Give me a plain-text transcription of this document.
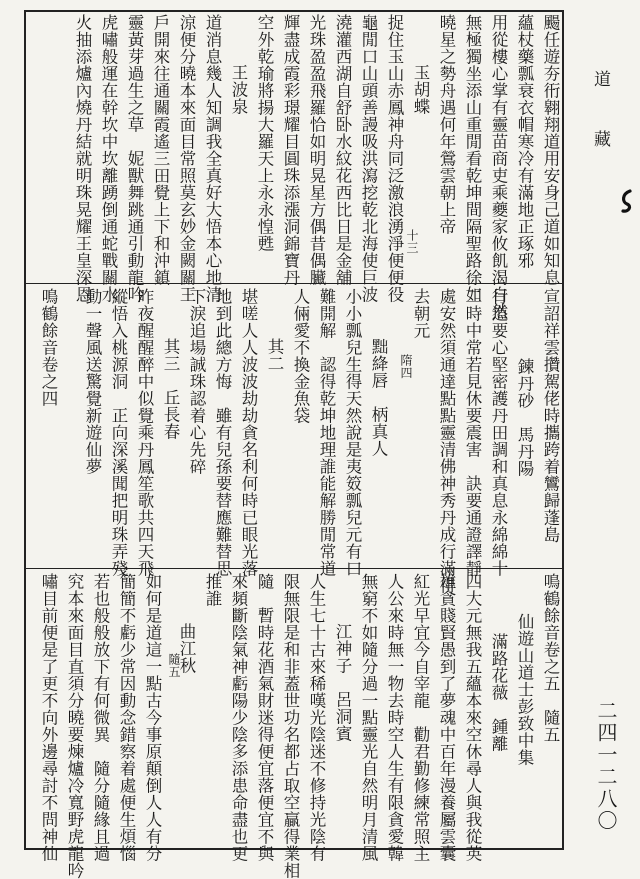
颺任遊夯衎翱翔道用安身己道如知息
蘊杖藥瓢衰衣帽寒冷有滿地正琢邪
用從樓心掌有靈苗商吏乘夔家攸飢渴自然
無極獨坐添山重閒看乾坤間隔聖路徐如
曉星之勢舟遇何年鶯雲朝上帝
玉胡蝶
十三
捉住玉山赤鳳神舟同泛激浪湧淨便便役
龜閒口山頭善謾吸洪瀉挖乾北海使巨波
澆灌西湖自舒卧水紋花西比日是金舖
光珠盈盈飛羅恰如明晃星方偶昔偶臟
輝盡成霞彩璟耀目圓珠添漲洞錦寶丹
空外乾瑜將揚大羅天上永永惶甦
王波泉
道消息幾人知調我全真好大悟本心地清
涼便分曉本來面目常照莫玄妙金闕關王
戶開來往通關霞遙三田覺上下和沖鎮
靈黃芽過生之草　妮獸舞跳通引動龍吟
虎嘯般運在幹坎中坎離踴倒通蛇戰關水
火抽添爐內燒丹結就明珠晃耀王皇深恩
宣詔祥雲攢駕佬時攜跨着鸞歸蓬島
鍊丹砂　馬丹陽
行道要心堅密護丹田調和真息永綿綿十
二時中常若見休要震害　訣要通證譯靜
處安然須通達點點靈清佛神秀丹成行滿得
去朝元
隋四
黜絳唇　柄真人
小小瓢兒生得天然說是夷笯瓢兒元有口
難開解　認得乾坤地理誰能解勝閒常道
人倆愛不換金魚袋
其二
堪嗟人人波波劫劫貪名利何時已眼光落
地到此總方悔　雖有兒孫要替應難替思
下淚追場誠珠認着心先碎
其三　丘長春
昨夜醒醒醉中似覺乘丹鳳笙歌共四天飛
縱悟入桃源洞　正向深溪聞把明珠弄殘
動一聲風送驚覺新遊仙夢
鳴鶴餘音卷之四
鳴鶴餘音卷之五　隨五
仙遊山道士彭致中集
滿路花薇　鍾離
四大元無我五蘊本來空休尋人與我從英
雄貪賤賢愚到了夢魂中百年漫養屬雲囊
紅光早宜今自宰龍　勸君勤修練常照主
人公來時無一物去時空人生有限貪愛韓
無窮不如隨分過一點靈光自然明月清風
江神子　呂洞賓
人生七十古來稀嘆光陰迷不修持光陰有
限無限是和非蓋世功名都占取空贏得業相
隨　暫時花酒氣財迷得便宜落便宜不與
來頻斷陰氣神虧陽少陰多添患命盡也更
推誰
曲江秋
隨五
如何是道這一點古今事原顛倒人人有分
簡簡不虧少常因動念錯察着處便生煩惱
若也般般放下有何微異　隨分隨緣且過
究本來面目直須分曉要煉爐冷寬野虎龍吟
嘯目前便是了更不向外邊尋討不問神仙
道
藏
二四一二八〇
